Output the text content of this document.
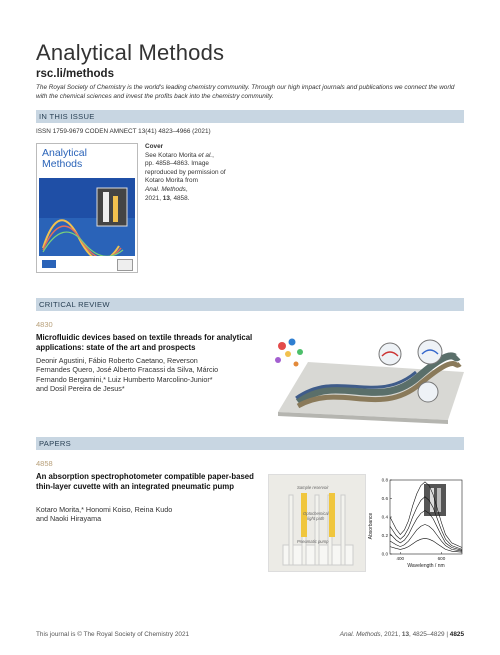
Analytical Methods
rsc.li/methods
The Royal Society of Chemistry is the world's leading chemistry community. Through our high impact journals and publications we connect the world with the chemical sciences and invest the profits back into the chemistry community.
IN THIS ISSUE
ISSN 1759-9679 CODEN AMNECT 13(41) 4823–4966 (2021)
Analytical
Methods
Cover
See Kotaro Morita et al.,
pp. 4858–4863. Image
reproduced by permission of
Kotaro Morita from
Anal. Methods,
2021, 13, 4858.
CRITICAL REVIEW
4830
Microfluidic devices based on textile threads for analytical applications: state of the art and prospects
Deonir Agustini, Fábio Roberto Caetano, Reverson
Fernandes Quero, José Alberto Fracassi da Silva, Márcio
Fernando Bergamini,* Luiz Humberto Marcolino-Junior*
and Dosil Pereira de Jesus*
PAPERS
4858
An absorption spectrophotometer compatible paper-based thin-layer cuvette with an integrated pneumatic pump
Kotaro Morita,* Honomi Koiso, Reina Kudo
and Naoki Hirayama
Sample reservoir
Optochemical
light path
Pneumatic pump
0.0
0.2
0.4
0.6
0.8
400	600
Absorbance
Wavelength / nm
This journal is © The Royal Society of Chemistry 2021	Anal. Methods, 2021, 13, 4825–4829 | 4825
